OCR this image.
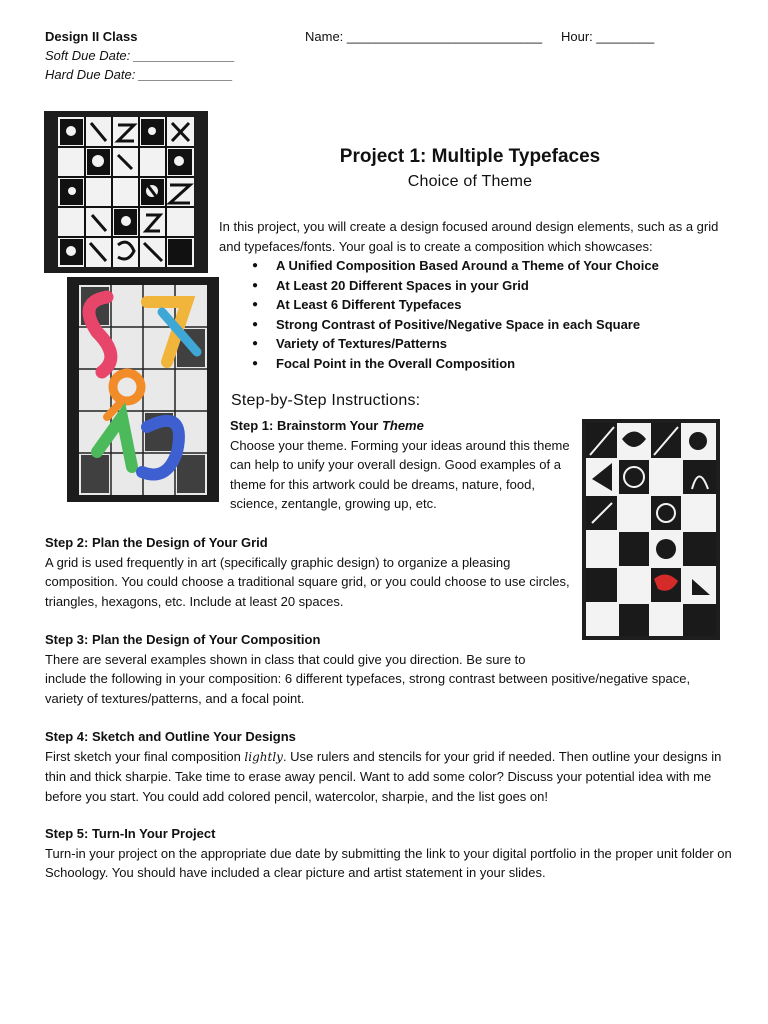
Design II Class
Soft Due Date: ______________
Hard Due Date: _____________
Name: ___________________________ Hour: ________
Project 1: Multiple Typefaces
Choice of Theme
In this project, you will create a design focused around design elements, such as a grid and typefaces/fonts. Your goal is to create a composition which showcases:
● A Unified Composition Based Around a Theme of Your Choice
● At Least 20 Different Spaces in your Grid
● At Least 6 Different Typefaces
● Strong Contrast of Positive/Negative Space in each Square
● Variety of Textures/Patterns
● Focal Point in the Overall Composition
Step-by-Step Instructions:
Step 1: Brainstorm Your Theme
Choose your theme. Forming your ideas around this theme can help to unify your overall design. Good examples of a theme for this artwork could be dreams, nature, food, science, zentangle, growing up, etc.
Step 2: Plan the Design of Your Grid
A grid is used frequently in art (specifically graphic design) to organize a pleasing composition. You could choose a traditional square grid, or you could choose to use circles, triangles, hexagons, etc. Include at least 20 spaces.
Step 3: Plan the Design of Your Composition
There are several examples shown in class that could give you direction. Be sure to
include the following in your composition: 6 different typefaces, strong contrast between positive/negative space, variety of textures/patterns, and a focal point.
Step 4: Sketch and Outline Your Designs
First sketch your final composition lightly. Use rulers and stencils for your grid if needed. Then outline your designs in thin and thick sharpie. Take time to erase away pencil. Want to add some color? Discuss your potential idea with me before you start. You could add colored pencil, watercolor, sharpie, and the list goes on!
Step 5: Turn-In Your Project
Turn-in your project on the appropriate due date by submitting the link to your digital portfolio in the proper unit folder on Schoology. You should have included a clear picture and artist statement in your slides.
